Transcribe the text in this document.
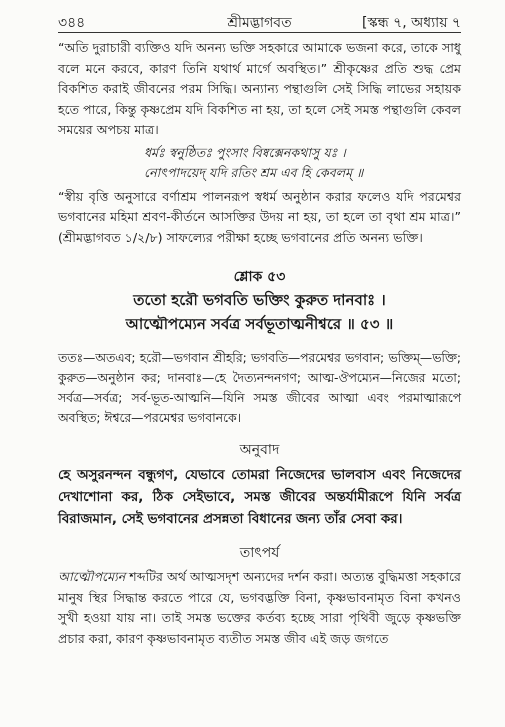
৩৪৪	শ্রীমদ্ভাগবত	[স্কন্ধ ৭, অধ্যায় ৭

“অতি দুরাচারী ব্যক্তিও যদি অনন্য ভক্তি সহকারে আমাকে ভজনা করে, তাকে সাধু বলে মনে করবে, কারণ তিনি যথার্থ মার্গে অবস্থিত।” শ্রীকৃষ্ণের প্রতি শুদ্ধ প্রেম বিকশিত করাই জীবনের পরম সিদ্ধি। অন্যান্য পন্থাগুলি সেই সিদ্ধি লাভের সহায়ক হতে পারে, কিন্তু কৃষ্ণপ্রেম যদি বিকশিত না হয়, তা হলে সেই সমস্ত পন্থাগুলি কেবল সময়ের অপচয় মাত্র।

ধর্মঃ স্বনুষ্ঠিতঃ পুংসাং বিষ্বক্সেনকথাসু যঃ ।
নোৎপাদয়েদ্ যদি রতিং শ্রম এব হি কেবলম্ ॥

“স্বীয় বৃত্তি অনুসারে বর্ণাশ্রম পালনরূপ স্বধর্ম অনুষ্ঠান করার ফলেও যদি পরমেশ্বর ভগবানের মহিমা শ্রবণ-কীর্তনে আসক্তির উদয় না হয়, তা হলে তা বৃথা শ্রম মাত্র।” (শ্রীমদ্ভাগবত ১/২/৮) সাফল্যের পরীক্ষা হচ্ছে ভগবানের প্রতি অনন্য ভক্তি।

শ্লোক ৫৩
ততো হরৌ ভগবতি ভক্তিং কুরুত দানবাঃ ।
আত্মৌপম্যেন সর্বত্র সর্বভূতাত্মনীশ্বরে ॥ ৫৩ ॥

ততঃ—অতএব; হরৌ—ভগবান শ্রীহরি; ভগবতি—পরমেশ্বর ভগবান; ভক্তিম্—ভক্তি; কুরুত—অনুষ্ঠান কর; দানবাঃ—হে দৈত্যনন্দনগণ; আত্ম-ঔপম্যেন—নিজের মতো; সর্বত্র—সর্বত্র; সর্ব-ভূত-আত্মনি—যিনি সমস্ত জীবের আত্মা এবং পরমাত্মারূপে অবস্থিত; ঈশ্বরে—পরমেশ্বর ভগবানকে।

অনুবাদ

হে অসুরনন্দন বন্ধুগণ, যেভাবে তোমরা নিজেদের ভালবাস এবং নিজেদের দেখাশোনা কর, ঠিক সেইভাবে, সমস্ত জীবের অন্তর্যামীরূপে যিনি সর্বত্র বিরাজমান, সেই ভগবানের প্রসন্নতা বিধানের জন্য তাঁর সেবা কর।

তাৎপর্য

আত্মৌপম্যেন শব্দটির অর্থ আত্মসদৃশ অন্যদের দর্শন করা। অত্যন্ত বুদ্ধিমত্তা সহকারে মানুষ স্থির সিদ্ধান্ত করতে পারে যে, ভগবদ্ভক্তি বিনা, কৃষ্ণভাবনামৃত বিনা কখনও সুখী হওয়া যায় না। তাই সমস্ত ভক্তের কর্তব্য হচ্ছে সারা পৃথিবী জুড়ে কৃষ্ণভক্তি প্রচার করা, কারণ কৃষ্ণভাবনামৃত ব্যতীত সমস্ত জীব এই জড় জগতে
